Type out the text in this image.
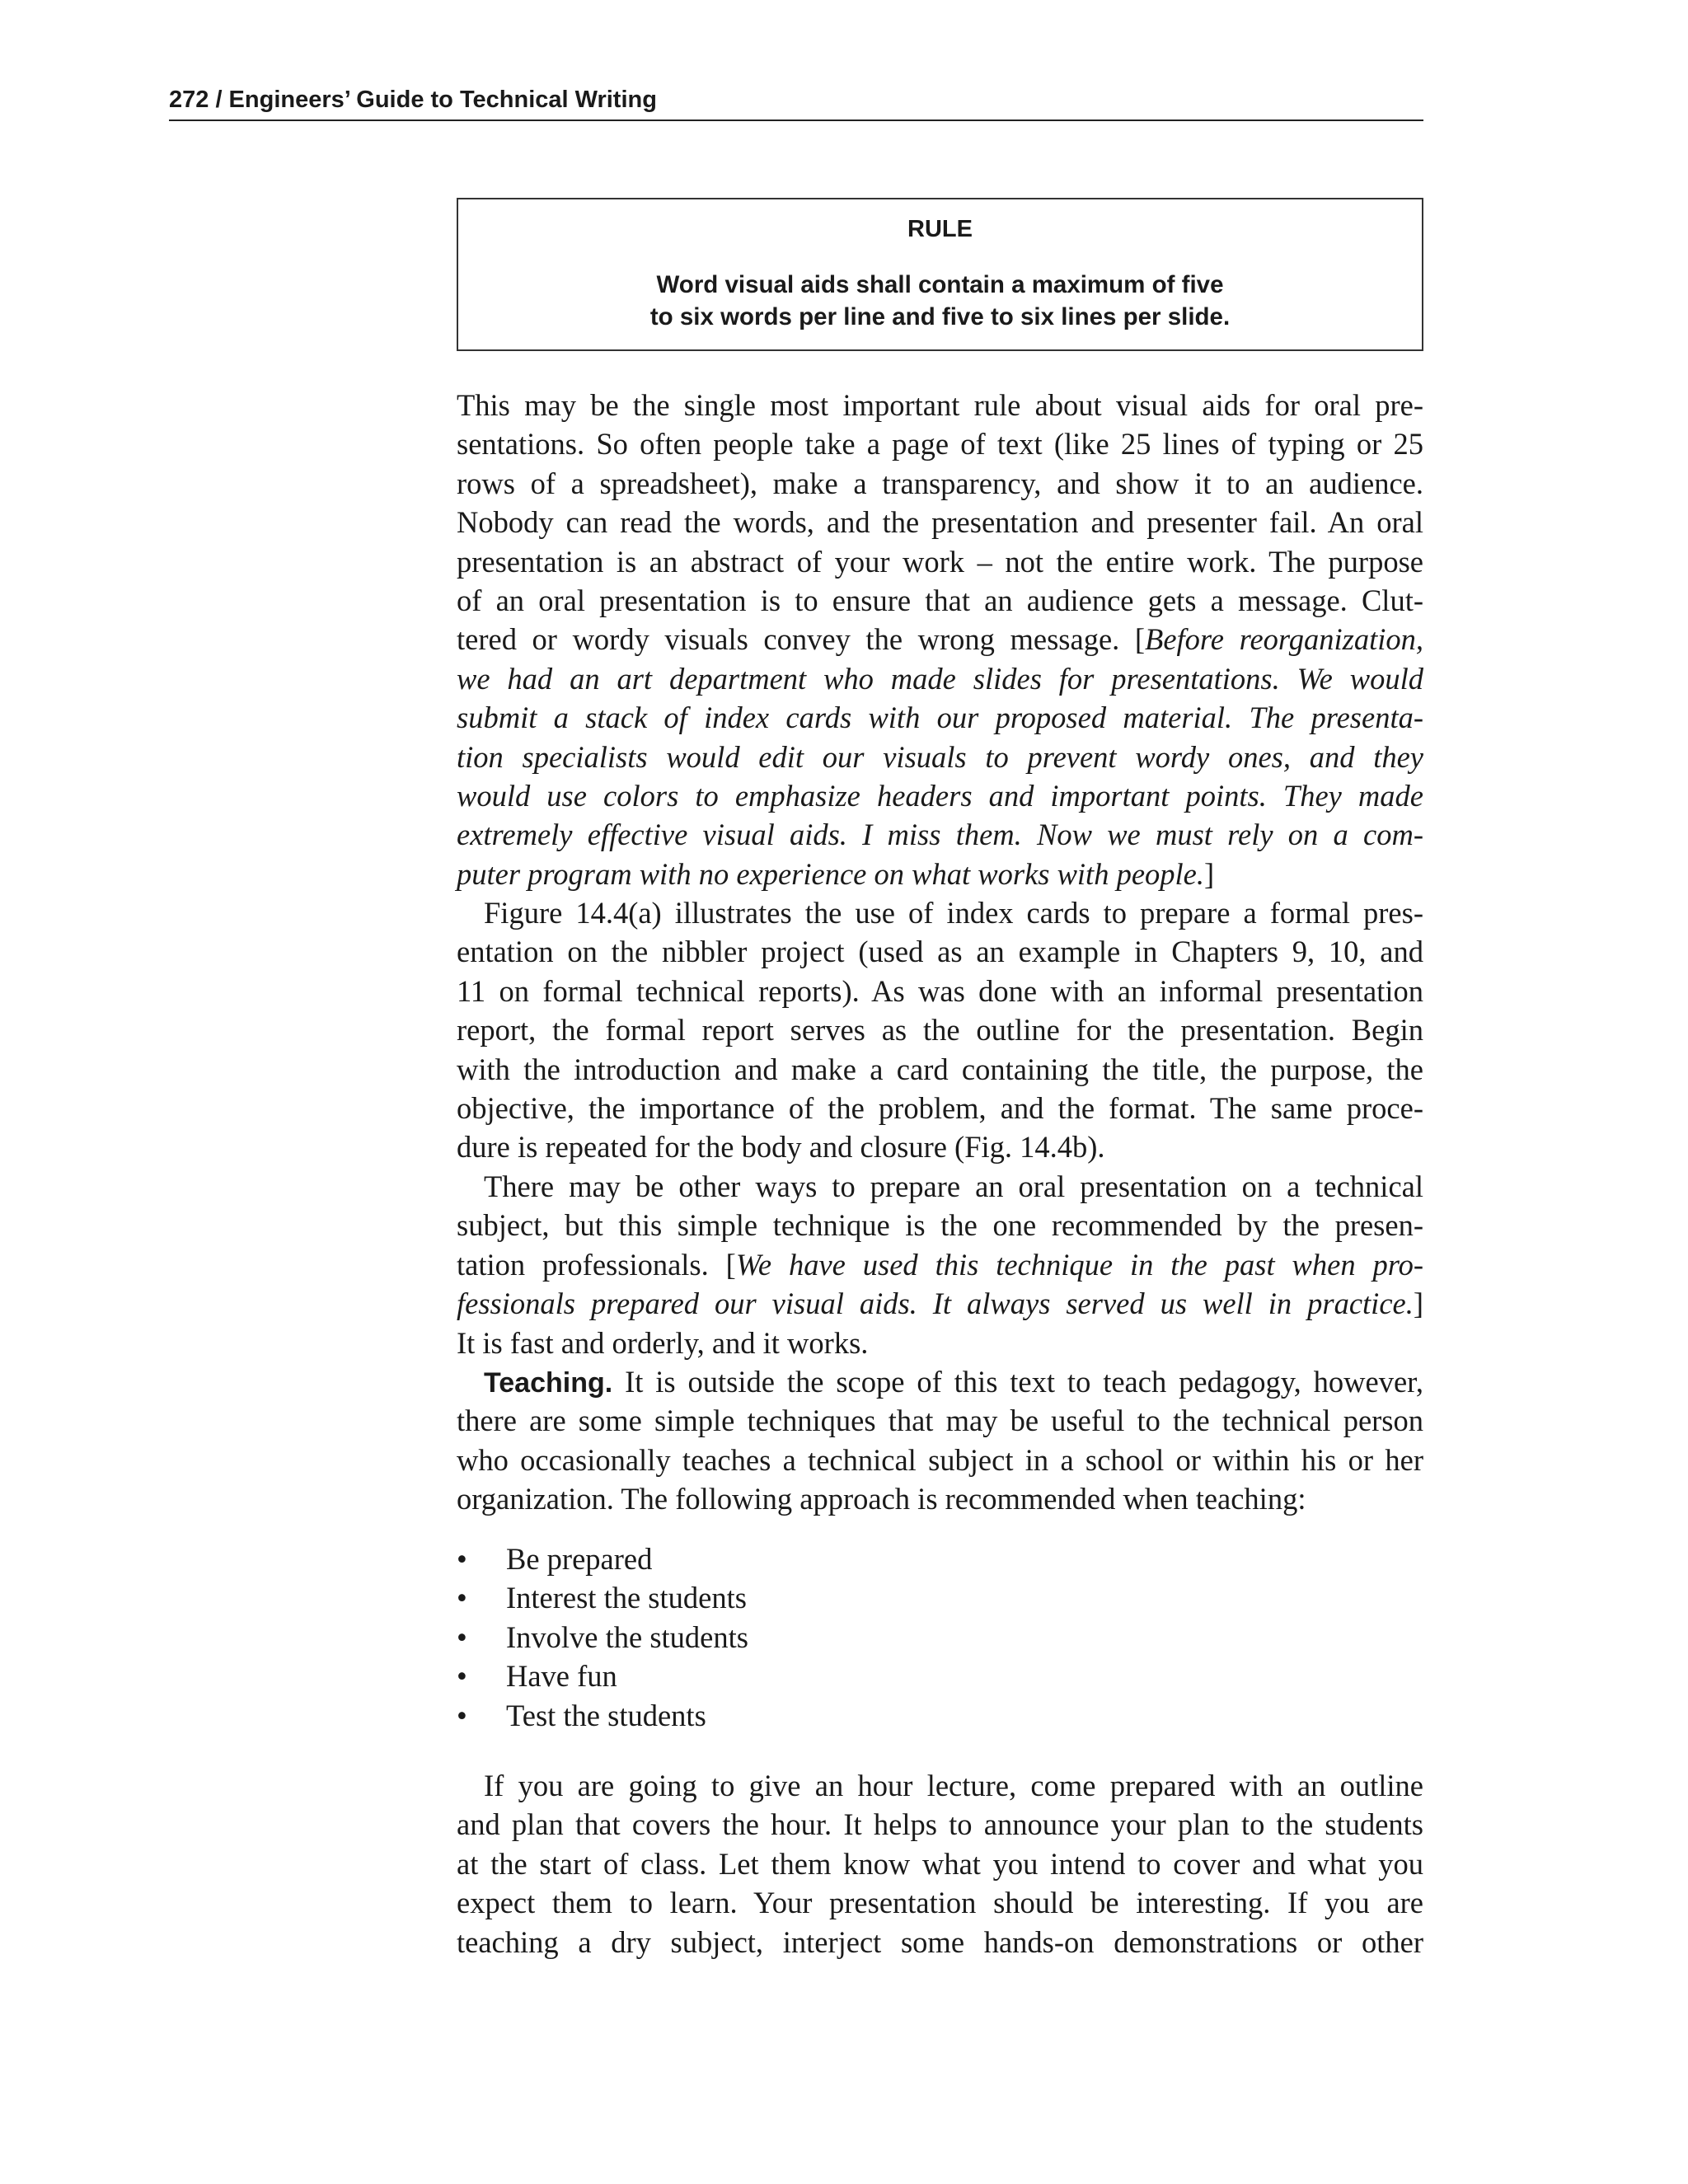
272 / Engineers’ Guide to Technical Writing
RULE
Word visual aids shall contain a maximum of five
to six words per line and five to six lines per slide.
This may be the single most important rule about visual aids for oral pre-
sentations. So often people take a page of text (like 25 lines of typing or 25
rows of a spreadsheet), make a transparency, and show it to an audience.
Nobody can read the words, and the presentation and presenter fail. An oral
presentation is an abstract of your work – not the entire work. The purpose
of an oral presentation is to ensure that an audience gets a message. Clut-
tered or wordy visuals convey the wrong message. [Before reorganization,
we had an art department who made slides for presentations. We would
submit a stack of index cards with our proposed material. The presenta-
tion specialists would edit our visuals to prevent wordy ones, and they
would use colors to emphasize headers and important points. They made
extremely effective visual aids. I miss them. Now we must rely on a com-
puter program with no experience on what works with people.]
Figure 14.4(a) illustrates the use of index cards to prepare a formal pres-
entation on the nibbler project (used as an example in Chapters 9, 10, and
11 on formal technical reports). As was done with an informal presentation
report, the formal report serves as the outline for the presentation. Begin
with the introduction and make a card containing the title, the purpose, the
objective, the importance of the problem, and the format. The same proce-
dure is repeated for the body and closure (Fig. 14.4b).
There may be other ways to prepare an oral presentation on a technical
subject, but this simple technique is the one recommended by the presen-
tation professionals. [We have used this technique in the past when pro-
fessionals prepared our visual aids. It always served us well in practice.]
It is fast and orderly, and it works.
Teaching. It is outside the scope of this text to teach pedagogy, however,
there are some simple techniques that may be useful to the technical person
who occasionally teaches a technical subject in a school or within his or her
organization. The following approach is recommended when teaching:
•	Be prepared
•	Interest the students
•	Involve the students
•	Have fun
•	Test the students
If you are going to give an hour lecture, come prepared with an outline
and plan that covers the hour. It helps to announce your plan to the students
at the start of class. Let them know what you intend to cover and what you
expect them to learn. Your presentation should be interesting. If you are
teaching a dry subject, interject some hands-on demonstrations or other
